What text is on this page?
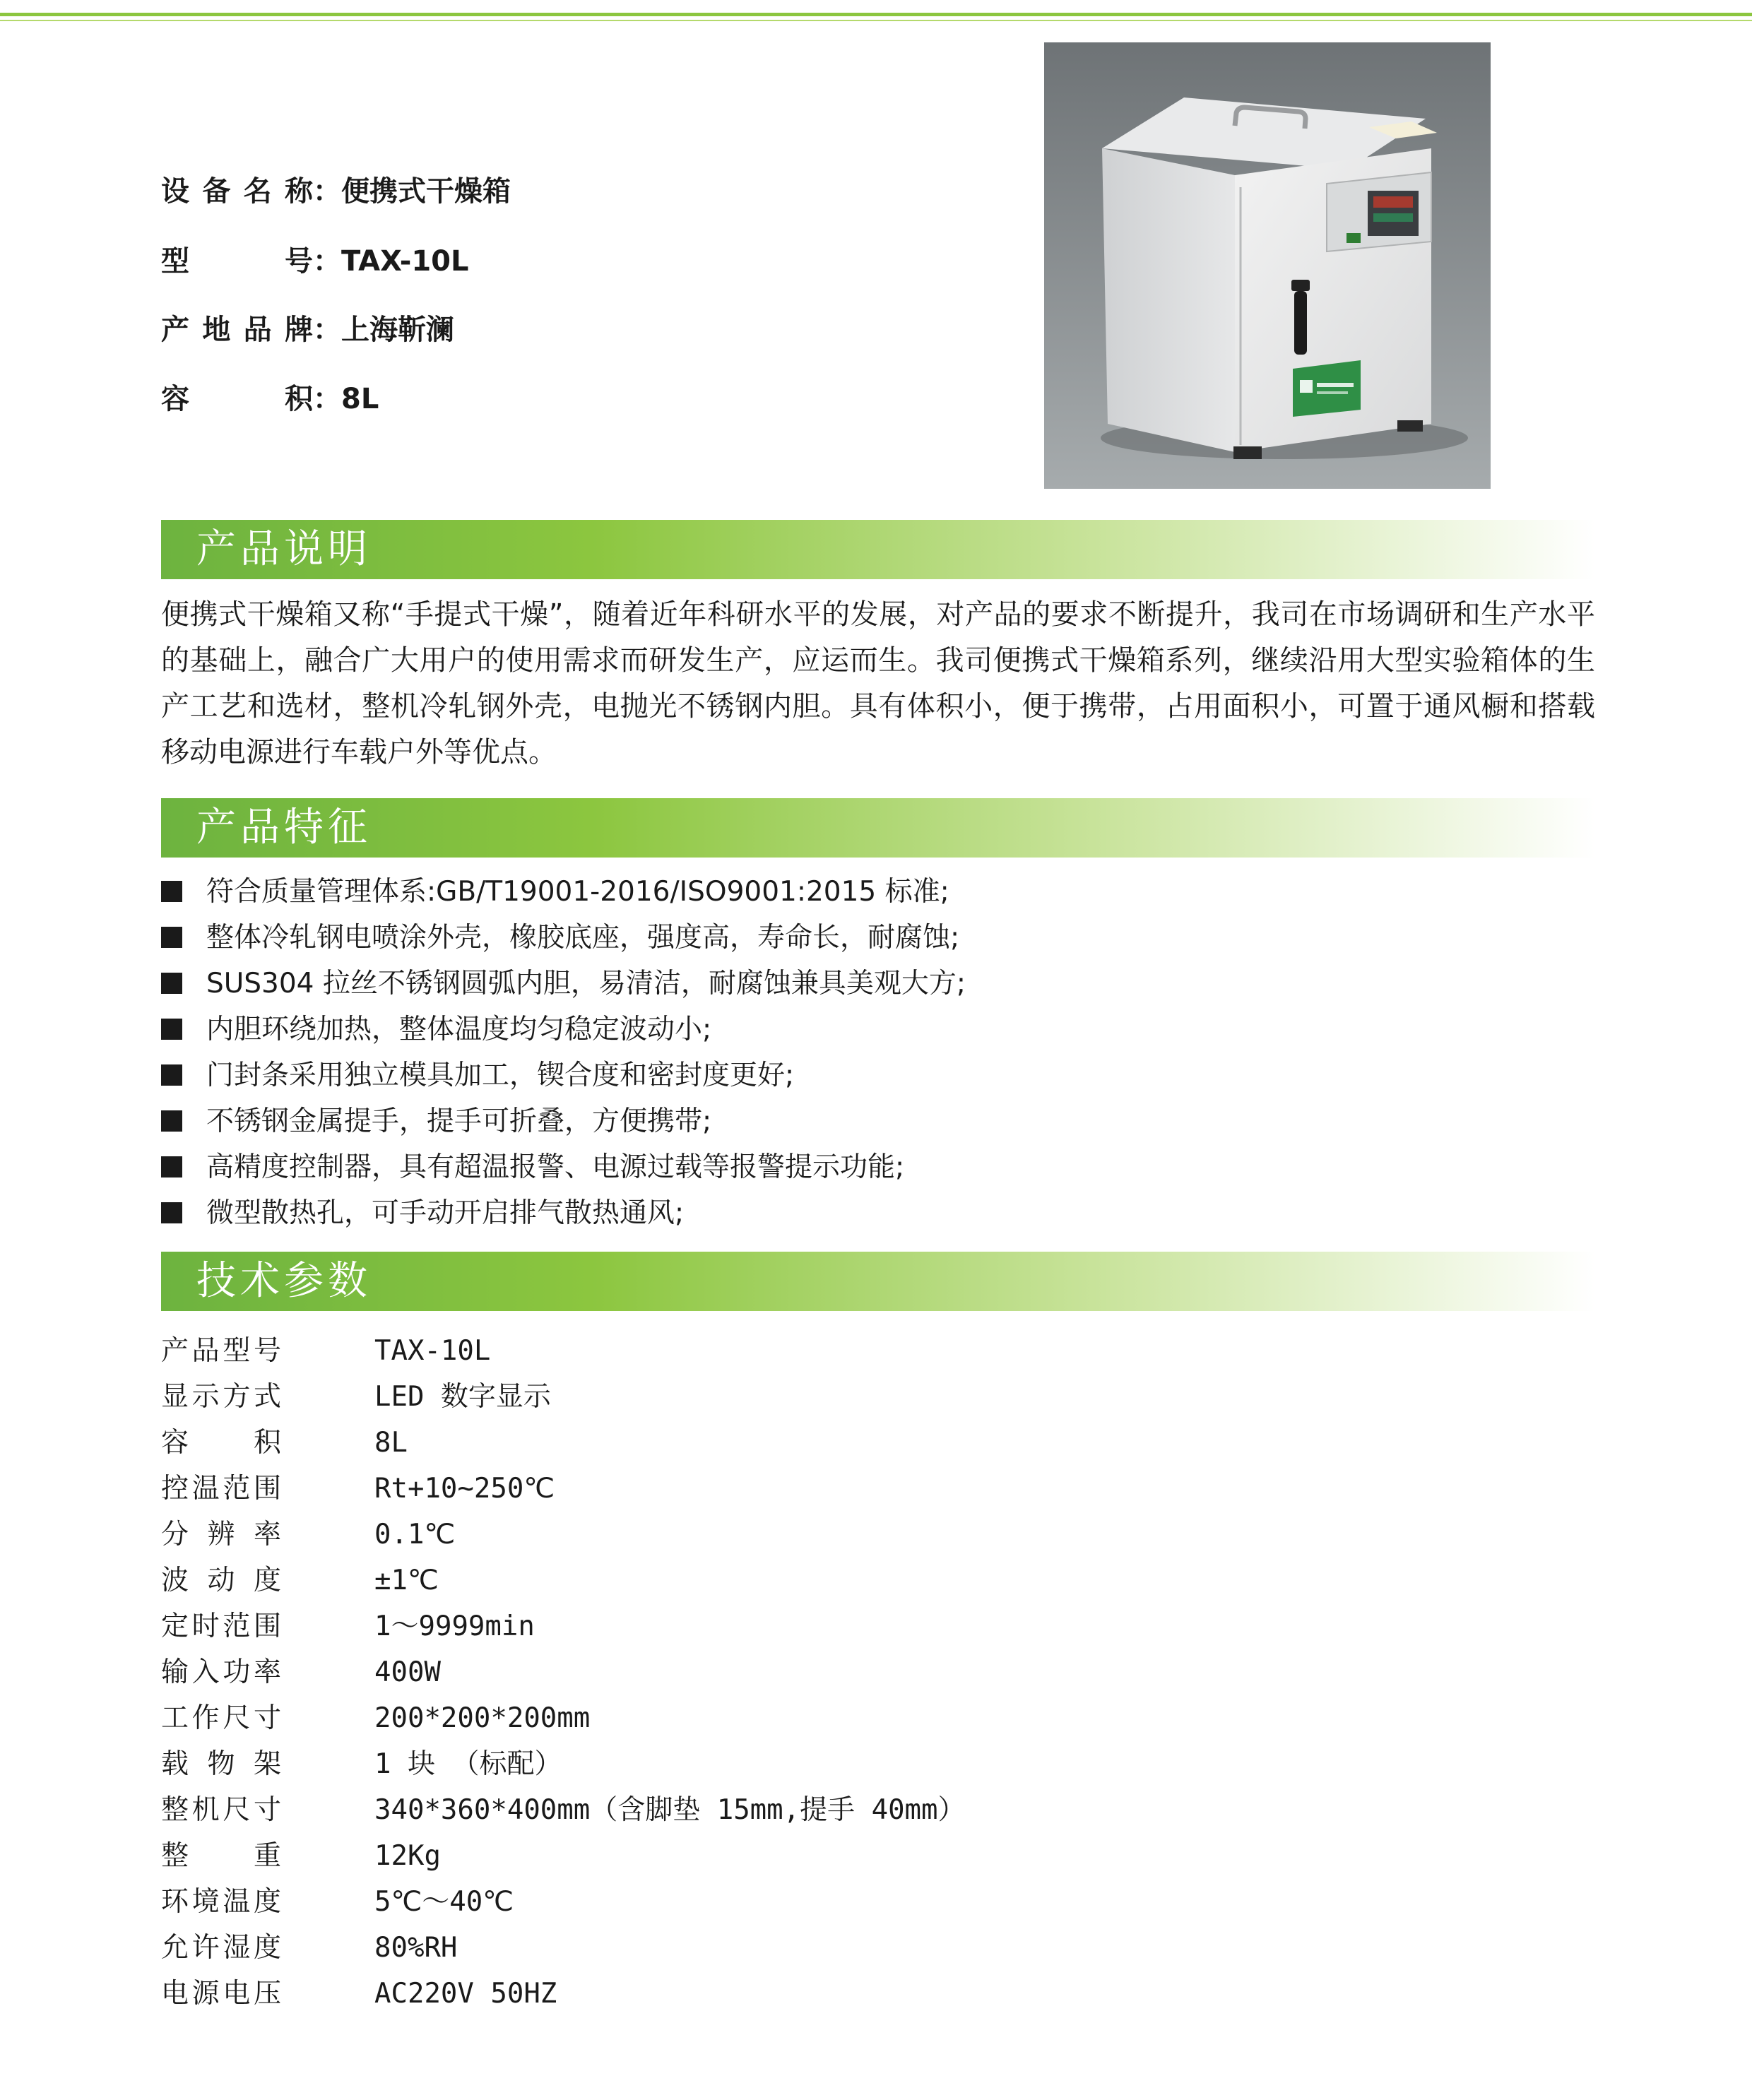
设备名称：便携式干燥箱
型号：TAX-10L
产地品牌：上海靳澜
容积：8L
产品说明

便携式干燥箱又称“手提式干燥”，随着近年科研水平的发展，对产品的要求不断提升，我司在市场调研和生产水平的基础上，融合广大用户的使用需求而研发生产，应运而生。我司便携式干燥箱系列，继续沿用大型实验箱体的生产工艺和选材，整机冷轧钢外壳，电抛光不锈钢内胆。具有体积小，便于携带，占用面积小，可置于通风橱和搭载移动电源进行车载户外等优点。

产品特征
符合质量管理体系:GB/T19001-2016/ISO9001:2015 标准;
整体冷轧钢电喷涂外壳，橡胶底座，强度高，寿命长，耐腐蚀;
SUS304 拉丝不锈钢圆弧内胆，易清洁，耐腐蚀兼具美观大方;
内胆环绕加热，整体温度均匀稳定波动小;
门封条采用独立模具加工，锲合度和密封度更好;
不锈钢金属提手，提手可折叠，方便携带;
高精度控制器，具有超温报警、电源过载等报警提示功能;
微型散热孔，可手动开启排气散热通风;
技术参数
产品型号	TAX-10L
显示方式	LED 数字显示
容积	8L
控温范围	Rt+10~250℃
分辨率	0.1℃
波动度	±1℃
定时范围	1～9999min
输入功率	400W
工作尺寸	200*200*200mm
载物架	1 块 （标配）
整机尺寸	340*360*400mm（含脚垫 15mm,提手 40mm）
整重	12Kg
环境温度	5℃～40℃
允许湿度	80%RH
电源电压	AC220V 50HZ
